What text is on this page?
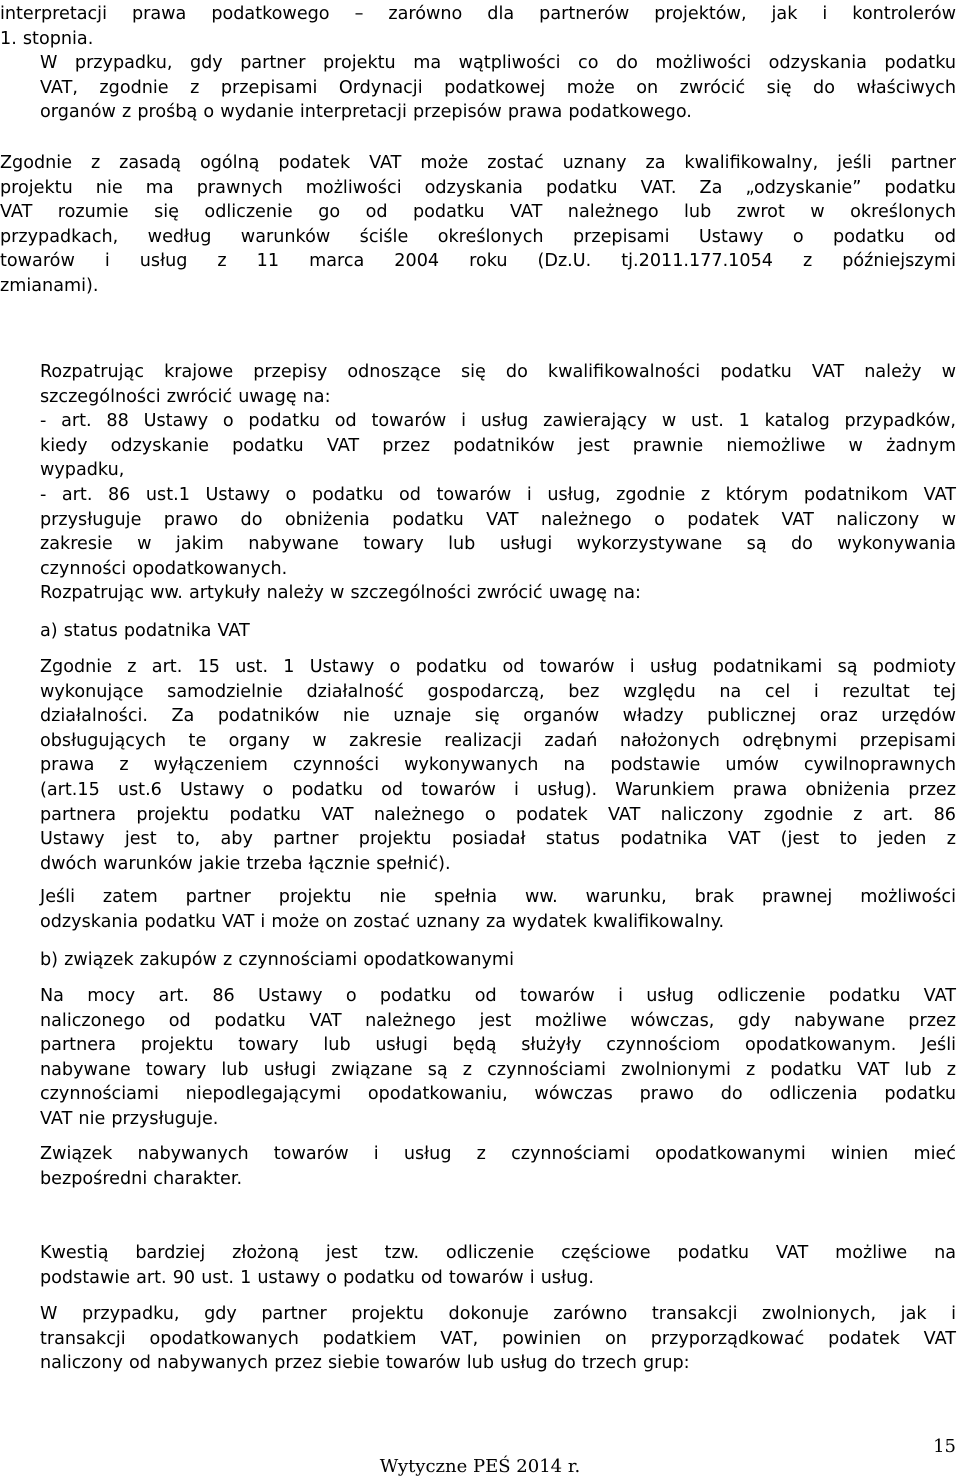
interpretacji prawa podatkowego – zarówno dla partnerów projektów, jak i kontrolerów
1. stopnia.
W przypadku, gdy partner projektu ma wątpliwości co do możliwości odzyskania podatku
VAT, zgodnie z przepisami Ordynacji podatkowej może on zwrócić się do właściwych
organów z prośbą o wydanie interpretacji przepisów prawa podatkowego.
Zgodnie z zasadą ogólną podatek VAT może zostać uznany za kwalifikowalny, jeśli partner
projektu nie ma prawnych możliwości odzyskania podatku VAT. Za „odzyskanie” podatku
VAT rozumie się odliczenie go od podatku VAT należnego lub zwrot w określonych
przypadkach, według warunków ściśle określonych przepisami Ustawy o podatku od
towarów i usług z 11 marca 2004 roku (Dz.U. tj.2011.177.1054 z późniejszymi
zmianami).
Rozpatrując krajowe przepisy odnoszące się do kwalifikowalności podatku VAT należy w
szczególności zwrócić uwagę na:
- art. 88 Ustawy o podatku od towarów i usług zawierający w ust. 1 katalog przypadków,
kiedy odzyskanie podatku VAT przez podatników jest prawnie niemożliwe w żadnym
wypadku,
- art. 86 ust.1 Ustawy o podatku od towarów i usług, zgodnie z którym podatnikom VAT
przysługuje prawo do obniżenia podatku VAT należnego o podatek VAT naliczony w
zakresie w jakim nabywane towary lub usługi wykorzystywane są do wykonywania
czynności opodatkowanych.
Rozpatrując ww. artykuły należy w szczególności zwrócić uwagę na:
a) status podatnika VAT
Zgodnie z art. 15 ust. 1 Ustawy o podatku od towarów i usług podatnikami są podmioty
wykonujące samodzielnie działalność gospodarczą, bez względu na cel i rezultat tej
działalności. Za podatników nie uznaje się organów władzy publicznej oraz urzędów
obsługujących te organy w zakresie realizacji zadań nałożonych odrębnymi przepisami
prawa z wyłączeniem czynności wykonywanych na podstawie umów cywilnoprawnych
(art.15 ust.6 Ustawy o podatku od towarów i usług). Warunkiem prawa obniżenia przez
partnera projektu podatku VAT należnego o podatek VAT naliczony zgodnie z art. 86
Ustawy jest to, aby partner projektu posiadał status podatnika VAT (jest to jeden z
dwóch warunków jakie trzeba łącznie spełnić).
Jeśli zatem partner projektu nie spełnia ww. warunku, brak prawnej możliwości
odzyskania podatku VAT i może on zostać uznany za wydatek kwalifikowalny.
b) związek zakupów z czynnościami opodatkowanymi
Na mocy art. 86 Ustawy o podatku od towarów i usług odliczenie podatku VAT
naliczonego od podatku VAT należnego jest możliwe wówczas, gdy nabywane przez
partnera projektu towary lub usługi będą służyły czynnościom opodatkowanym. Jeśli
nabywane towary lub usługi związane są z czynnościami zwolnionymi z podatku VAT lub z
czynnościami niepodlegającymi opodatkowaniu, wówczas prawo do odliczenia podatku
VAT nie przysługuje.
Związek nabywanych towarów i usług z czynnościami opodatkowanymi winien mieć
bezpośredni charakter.
Kwestią bardziej złożoną jest tzw. odliczenie częściowe podatku VAT możliwe na
podstawie art. 90 ust. 1 ustawy o podatku od towarów i usług.
W przypadku, gdy partner projektu dokonuje zarówno transakcji zwolnionych, jak i
transakcji opodatkowanych podatkiem VAT, powinien on przyporządkować podatek VAT
naliczony od nabywanych przez siebie towarów lub usług do trzech grup:
15
Wytyczne PEŚ 2014 r.
